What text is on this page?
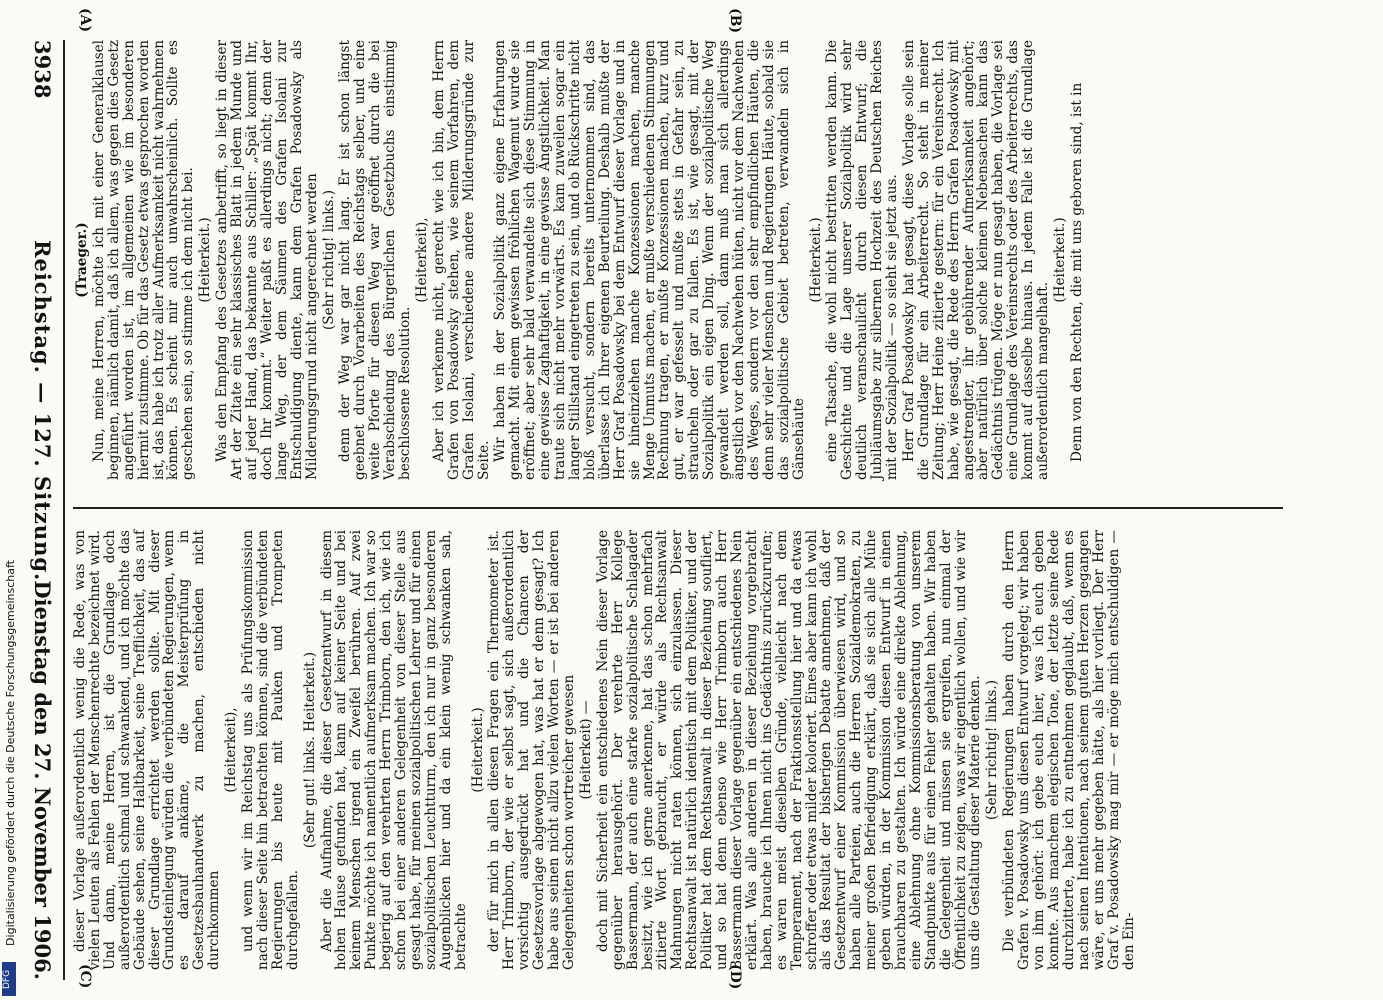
3938
Reichstag. — 127. Sitzung.
Dienstag den 27. November 1906.
(A)	(B)
(C)	(D)

(Traeger.) Nun, meine Herren, möchte ich mit einer Generalklausel beginnen, nämlich damit, daß ich allem, was gegen dies Gesetz angeführt worden ist, im allgemeinen wie im besonderen hiermit zustimme. Ob für das Gesetz etwas gesprochen worden ist, das habe ich trotz aller Aufmerksamkeit nicht wahrnehmen können. Es scheint mir auch unwahrscheinlich. Sollte es geschehen sein, so stimme ich dem nicht bei. (Heiterkeit.) Was den Empfang des Gesetzes anbetrifft, so liegt in dieser Art der Zitate ein sehr klassisches Blatt in jedem Munde und auf jeder Hand, das bekannte aus Schiller: „Spät kommt Ihr, doch Ihr kommt.“ Weiter paßt es allerdings nicht; denn der lange Weg, der dem Säumen des Grafen Isolani zur Entschuldigung diente, kann dem Grafen Posadowsky als Milderungsgrund nicht angerechnet werden (Sehr richtig! links.) denn der Weg war gar nicht lang. Er ist schon längst geebnet durch Vorarbeiten des Reichstags selber, und eine weite Pforte für diesen Weg war geöffnet durch die bei Verabschiedung des Bürgerlichen Gesetzbuchs einstimmig beschlossene Resolution.

(Heiterkeit), Aber ich verkenne nicht, gerecht wie ich bin, dem Herrn Grafen von Posadowsky stehen, wie seinem Vorfahren, dem Grafen Isolani, verschiedene andere Milderungsgründe zur Seite. Wir haben in der Sozialpolitik ganz eigene Erfahrungen gemacht. Mit einem gewissen fröhlichen Wagemut wurde sie eröffnet; aber sehr bald verwandelte sich diese Stimmung in eine gewisse Zaghaftigkeit, in eine gewisse Ängstlichkeit. Man traute sich nicht mehr vorwärts. Es kam zuweilen sogar ein langer Stillstand eingetreten zu sein, und ob Rückschritte nicht bloß versucht, sondern bereits unternommen sind, das überlasse ich Ihrer eigenen Beurteilung. Deshalb mußte der Herr Graf Posadowsky bei dem Entwurf dieser Vorlage und in sie hineinziehen manche Konzessionen machen, manche Menge Unmuts machen, er mußte verschiedenen Stimmungen Rechnung tragen, er mußte Konzessionen machen, kurz und gut, er war gefesselt und mußte stets in Gefahr sein, zu straucheln oder gar zu fallen. Es ist, wie gesagt, mit der Sozialpolitik ein eigen Ding. Wenn der sozialpolitische Weg gewandelt werden soll, dann muß man sich allerdings ängstlich vor den Nachwehen hüten, nicht vor dem Nachwehen des Weges, sondern vor den sehr empfindlichen Häuten, die denn sehr vieler Menschen und Regierungen Häute, sobald sie das sozialpolitische Gebiet betreten, verwandeln sich in Gänsehäute

(Heiterkeit.) eine Tatsache, die wohl nicht bestritten werden kann. Die Geschichte und die Lage unserer Sozialpolitik wird sehr deutlich veranschaulicht durch diesen Entwurf; die Jubiläumsgabe zur silbernen Hochzeit des Deutschen Reiches mit der Sozialpolitik — so sieht sie jetzt aus. Herr Graf Posadowsky hat gesagt, diese Vorlage solle sein die Grundlage für ein Arbeiterrecht. So steht in meiner Zeitung; Herr Heine zitierte gestern: für ein Vereinsrecht. Ich habe, wie gesagt, die Rede des Herrn Grafen Posadowsky mit angestrengter, ihr gebührender Aufmerksamkeit angehört; aber natürlich über solche kleinen Nebensachen kann das Gedächtnis trügen. Möge er nun gesagt haben, die Vorlage sei eine Grundlage des Vereinsrechts oder des Arbeiterrechts, das kommt auf dasselbe hinaus. In jedem Falle ist die Grundlage außerordentlich mangelhaft.

(Heiterkeit.) Denn von den Rechten, die mit uns geboren sind, ist in

dieser Vorlage außerordentlich wenig die Rede, was von vielen Leuten als Fehlen der Menschenrechte bezeichnet wird. Und dann, meine Herren, ist die Grundlage doch außerordentlich schmal und schwankend, und ich möchte das Gebäude sehen, seine Haltbarkeit, seine Trefflichkeit, das auf dieser Grundlage errichtet werden sollte. Mit dieser Grundsteinlegung würden die verbündeten Regierungen, wenn es darauf ankäme, die Meisterprüfung in Gesetzesbauhandwerk zu machen, entschieden nicht durchkommen

(Heiterkeit), und wenn wir im Reichstag uns als Prüfungskommission nach dieser Seite hin betrachten können, sind die verbündeten Regierungen bis heute mit Pauken und Trompeten durchgefallen.

(Sehr gut! links. Heiterkeit.) Aber die Aufnahme, die dieser Gesetzentwurf in diesem hohen Hause gefunden hat, kann auf keiner Seite und bei keinem Menschen irgend ein Zweifel berühren. Auf zwei Punkte möchte ich namentlich aufmerksam machen. Ich war so begierig auf den verehrten Herrn Trimborn, den ich, wie ich schon bei einer anderen Gelegenheit von dieser Stelle aus gesagt habe, für meinen sozialpolitischen Lehrer und für einen sozialpolitischen Leuchtturm, den ich nur in ganz besonderen Augenblicken hier und da ein klein wenig schwanken sah, betrachte

(Heiterkeit.) der für mich in allen diesen Fragen ein Thermometer ist. Herr Trimborn, der wie er selbst sagt, sich außerordentlich vorsichtig ausgedrückt hat und die Chancen der Gesetzesvorlage abgewogen hat, was hat er denn gesagt? Ich habe aus seinen nicht allzu vielen Worten — er ist bei anderen Gelegenheiten schon wortreicher gewesen (Heiterkeit) — doch mit Sicherheit ein entschiedenes Nein dieser Vorlage gegenüber herausgehört. Der verehrte Herr Kollege Bassermann, der auch eine starke sozialpolitische Schlagader besitzt, wie ich gerne anerkenne, hat das schon mehrfach zitierte Wort gebraucht, er würde als Rechtsanwalt Mahnungen nicht raten können, sich einzulassen. Dieser Rechtsanwalt ist natürlich identisch mit dem Politiker, und der Politiker hat dem Rechtsanwalt in dieser Beziehung soufliert, und so hat denn ebenso wie Herr Trimborn auch Herr Bassermann dieser Vorlage gegenüber ein entschiedenes Nein erklärt. Was alle anderen in dieser Beziehung vorgebracht haben, brauche ich Ihnen nicht ins Gedächtnis zurückzurufen; es waren meist dieselben Gründe, vielleicht nach dem Temperament, nach der Fraktionsstellung hier und da etwas schroffer oder etwas milder koloriert. Eines aber kann ich wohl als das Resultat der bisherigen Debatte annehmen, daß der Gesetzentwurf einer Kommission überwiesen wird, und so haben alle Parteien, auch die Herren Sozialdemokraten, zu meiner großen Befriedigung erklärt, daß sie sich alle Mühe geben würden, in der Kommission diesen Entwurf in einen brauchbaren zu gestalten. Ich würde eine direkte Ablehnung, eine Ablehnung ohne Kommissionsberatung von unserem Standpunkte aus für einen Fehler gehalten haben. Wir haben die Gelegenheit und müssen sie ergreifen, nun einmal der Öffentlichkeit zu zeigen, was wir eigentlich wollen, und wie wir uns die Gestaltung dieser Materie denken. (Sehr richtig! links.) Die verbündeten Regierungen haben durch den Herrn Grafen v. Posadowsky uns diesen Entwurf vorgelegt; wir haben von ihm gehört: ich gebe euch hier, was ich euch geben konnte. Aus manchem elegischen Tone, der letzte seine Rede durchzitterte, habe ich zu entnehmen geglaubt, daß, wenn es nach seinen Intentionen, nach seinem guten Herzen gegangen wäre, er uns mehr gegeben hätte, als hier vorliegt. Der Herr Graf v. Posadowsky mag mir — er möge mich entschuldigen — den Ein-

Digitalisierung gefördert durch die Deutsche Forschungsgemeinschaft
DFG
